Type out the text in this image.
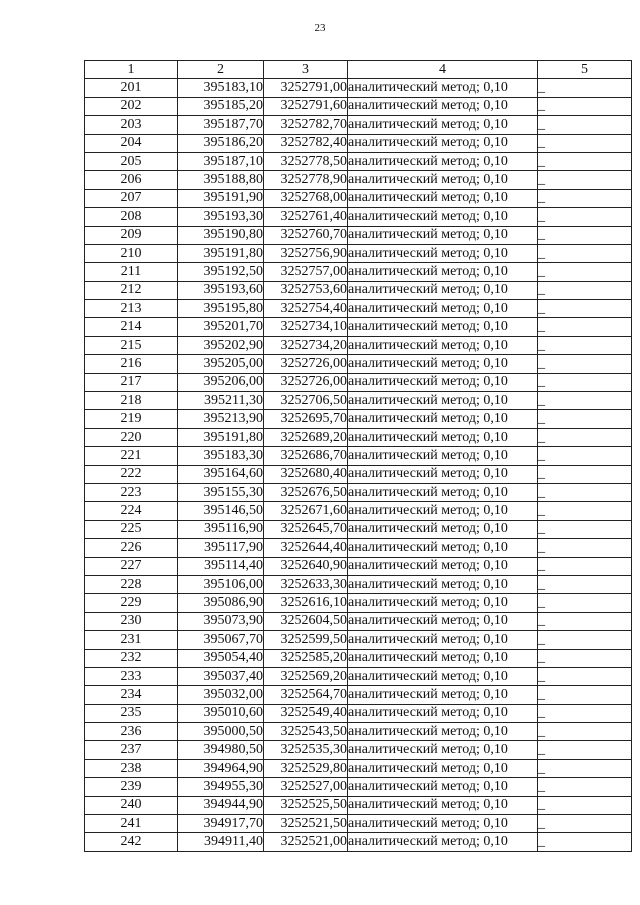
23
1	2	3	4	5
201	395183,10	3252791,00	аналитический метод; 0,10	_
202	395185,20	3252791,60	аналитический метод; 0,10	_
203	395187,70	3252782,70	аналитический метод; 0,10	_
204	395186,20	3252782,40	аналитический метод; 0,10	_
205	395187,10	3252778,50	аналитический метод; 0,10	_
206	395188,80	3252778,90	аналитический метод; 0,10	_
207	395191,90	3252768,00	аналитический метод; 0,10	_
208	395193,30	3252761,40	аналитический метод; 0,10	_
209	395190,80	3252760,70	аналитический метод; 0,10	_
210	395191,80	3252756,90	аналитический метод; 0,10	_
211	395192,50	3252757,00	аналитический метод; 0,10	_
212	395193,60	3252753,60	аналитический метод; 0,10	_
213	395195,80	3252754,40	аналитический метод; 0,10	_
214	395201,70	3252734,10	аналитический метод; 0,10	_
215	395202,90	3252734,20	аналитический метод; 0,10	_
216	395205,00	3252726,00	аналитический метод; 0,10	_
217	395206,00	3252726,00	аналитический метод; 0,10	_
218	395211,30	3252706,50	аналитический метод; 0,10	_
219	395213,90	3252695,70	аналитический метод; 0,10	_
220	395191,80	3252689,20	аналитический метод; 0,10	_
221	395183,30	3252686,70	аналитический метод; 0,10	_
222	395164,60	3252680,40	аналитический метод; 0,10	_
223	395155,30	3252676,50	аналитический метод; 0,10	_
224	395146,50	3252671,60	аналитический метод; 0,10	_
225	395116,90	3252645,70	аналитический метод; 0,10	_
226	395117,90	3252644,40	аналитический метод; 0,10	_
227	395114,40	3252640,90	аналитический метод; 0,10	_
228	395106,00	3252633,30	аналитический метод; 0,10	_
229	395086,90	3252616,10	аналитический метод; 0,10	_
230	395073,90	3252604,50	аналитический метод; 0,10	_
231	395067,70	3252599,50	аналитический метод; 0,10	_
232	395054,40	3252585,20	аналитический метод; 0,10	_
233	395037,40	3252569,20	аналитический метод; 0,10	_
234	395032,00	3252564,70	аналитический метод; 0,10	_
235	395010,60	3252549,40	аналитический метод; 0,10	_
236	395000,50	3252543,50	аналитический метод; 0,10	_
237	394980,50	3252535,30	аналитический метод; 0,10	_
238	394964,90	3252529,80	аналитический метод; 0,10	_
239	394955,30	3252527,00	аналитический метод; 0,10	_
240	394944,90	3252525,50	аналитический метод; 0,10	_
241	394917,70	3252521,50	аналитический метод; 0,10	_
242	394911,40	3252521,00	аналитический метод; 0,10	_
